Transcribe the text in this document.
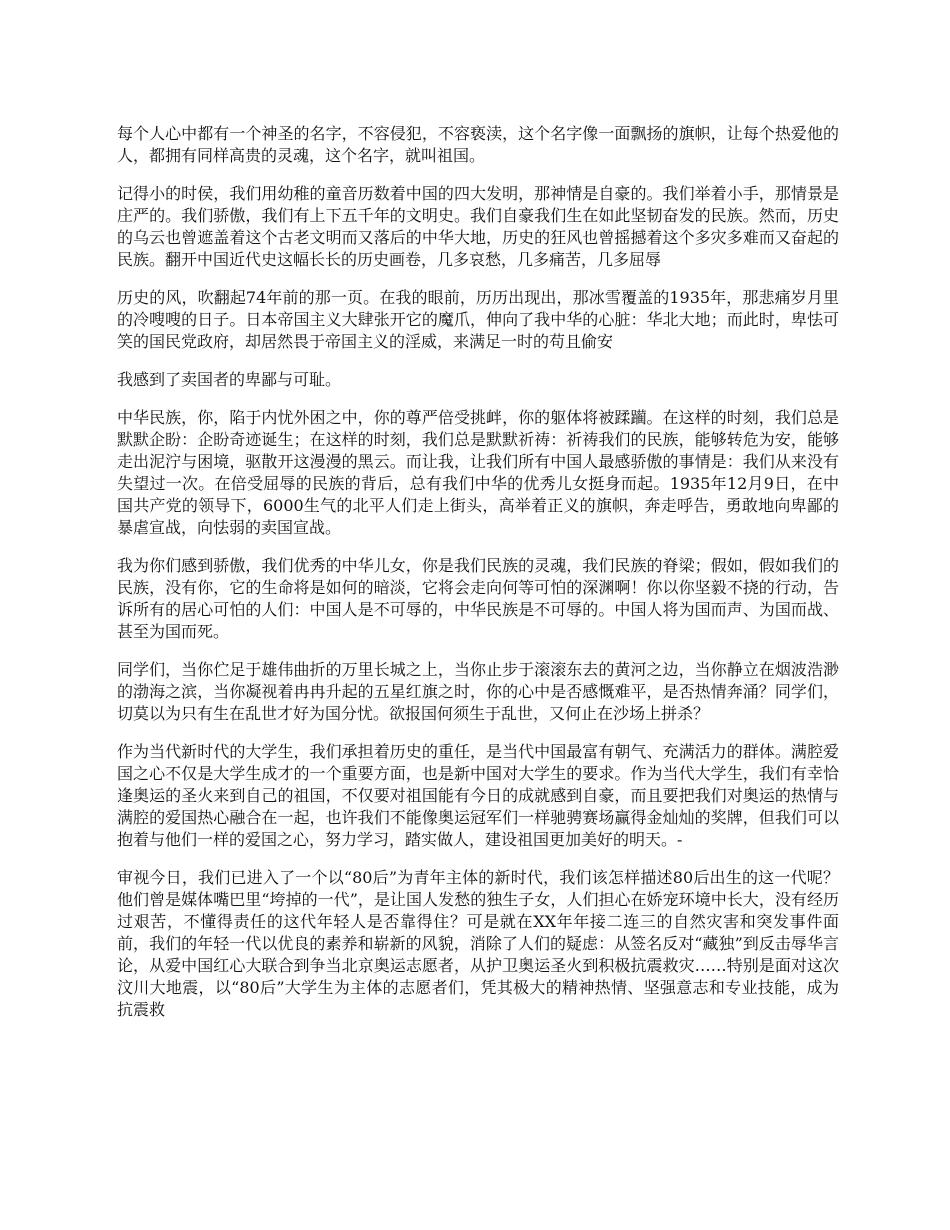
每个人心中都有一个神圣的名字，不容侵犯，不容亵渎，这个名字像一面飘扬的旗帜，让每个热爱他的人，都拥有同样高贵的灵魂，这个名字，就叫祖国。

记得小的时侯，我们用幼稚的童音历数着中国的四大发明，那神情是自豪的。我们举着小手，那情景是庄严的。我们骄傲，我们有上下五千年的文明史。我们自豪我们生在如此坚韧奋发的民族。然而，历史的乌云也曾遮盖着这个古老文明而又落后的中华大地，历史的狂风也曾摇撼着这个多灾多难而又奋起的民族。翻开中国近代史这幅长长的历史画卷，几多哀愁，几多痛苦，几多屈辱

历史的风，吹翻起74年前的那一页。在我的眼前，历历出现出，那冰雪覆盖的1935年，那悲痛岁月里的冷嗖嗖的日子。日本帝国主义大肆张开它的魔爪，伸向了我中华的心脏：华北大地；而此时，卑怯可笑的国民党政府，却居然畏于帝国主义的淫威，来满足一时的苟且偷安

我感到了卖国者的卑鄙与可耻。

中华民族，你，陷于内忧外困之中，你的尊严倍受挑衅，你的躯体将被蹂躏。在这样的时刻，我们总是默默企盼：企盼奇迹诞生；在这样的时刻，我们总是默默祈祷：祈祷我们的民族，能够转危为安，能够走出泥泞与困境，驱散开这漫漫的黑云。而让我，让我们所有中国人最感骄傲的事情是：我们从来没有失望过一次。在倍受屈辱的民族的背后，总有我们中华的优秀儿女挺身而起。1935年12月9日，在中国共产党的领导下，6000生气的北平人们走上街头，高举着正义的旗帜，奔走呼告，勇敢地向卑鄙的暴虐宣战，向怯弱的卖国宣战。

我为你们感到骄傲，我们优秀的中华儿女，你是我们民族的灵魂，我们民族的脊梁；假如，假如我们的民族，没有你，它的生命将是如何的暗淡，它将会走向何等可怕的深渊啊！你以你坚毅不挠的行动，告诉所有的居心可怕的人们：中国人是不可辱的，中华民族是不可辱的。中国人将为国而声、为国而战、甚至为国而死。

同学们，当你伫足于雄伟曲折的万里长城之上，当你止步于滚滚东去的黄河之边，当你静立在烟波浩渺的渤海之滨，当你凝视着冉冉升起的五星红旗之时，你的心中是否感慨难平，是否热情奔涌？同学们，切莫以为只有生在乱世才好为国分忧。欲报国何须生于乱世，又何止在沙场上拼杀？

作为当代新时代的大学生，我们承担着历史的重任，是当代中国最富有朝气、充满活力的群体。满腔爱国之心不仅是大学生成才的一个重要方面，也是新中国对大学生的要求。作为当代大学生，我们有幸恰逢奥运的圣火来到自己的祖国，不仅要对祖国能有今日的成就感到自豪，而且要把我们对奥运的热情与满腔的爱国热心融合在一起，也许我们不能像奥运冠军们一样驰骋赛场赢得金灿灿的奖牌，但我们可以抱着与他们一样的爱国之心，努力学习，踏实做人，建设祖国更加美好的明天。-

审视今日，我们已进入了一个以“80后”为青年主体的新时代，我们该怎样描述80后出生的这一代呢？他们曾是媒体嘴巴里“垮掉的一代”，是让国人发愁的独生子女，人们担心在娇宠环境中长大，没有经历过艰苦，不懂得责任的这代年轻人是否靠得住？可是就在XX年年接二连三的自然灾害和突发事件面前，我们的年轻一代以优良的素养和崭新的风貌，消除了人们的疑虑：从签名反对“藏独”到反击辱华言论，从爱中国红心大联合到争当北京奥运志愿者，从护卫奥运圣火到积极抗震救灾……特别是面对这次汶川大地震，以“80后”大学生为主体的志愿者们，凭其极大的精神热情、坚强意志和专业技能，成为抗震救
